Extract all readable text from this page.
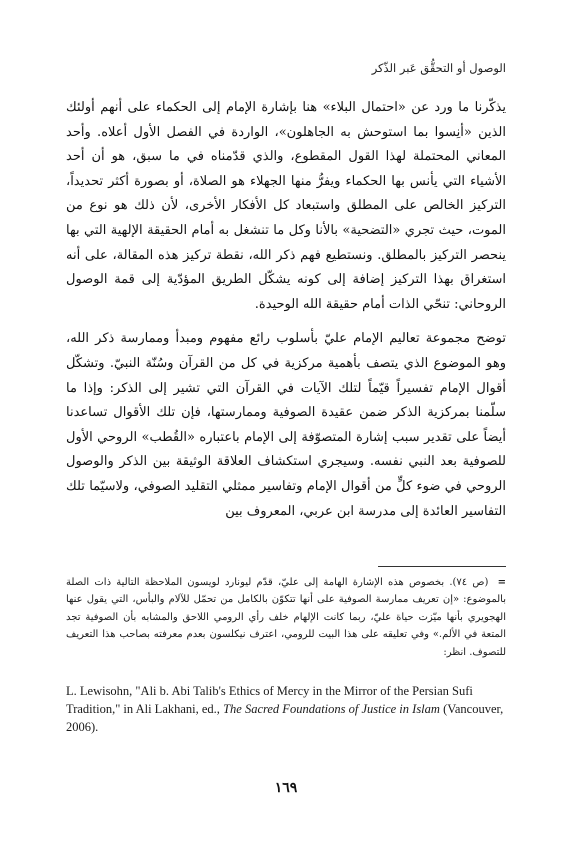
الوصول أو التحقُّق عَبر الذّكر

يذكّرنا ما ورد عن «احتمال البلاء» هنا بإشارة الإمام إلى الحكماء على أنهم أولئك الذين «أنِسوا بما استوحش به الجاهلون»، الواردة في الفصل الأول أعلاه. وأحد المعاني المحتملة لهذا القول المقطوع، والذي قدّمناه في ما سبق، هو أن أحد الأشياء التي يأنس بها الحكماء ويفرُّ منها الجهلاء هو الصلاة، أو بصورة أكثر تحديداً، التركيز الخالص على المطلق واستبعاد كل الأفكار الأخرى، لأن ذلك هو نوع من الموت، حيث تجري «التضحية» بالأنا وكل ما تنشغل به أمام الحقيقة الإلهية التي بها ينحصر التركيز بالمطلق. ونستطيع فهم ذكر الله، نقطة تركيز هذه المقالة، على أنه استغراق بهذا التركيز إضافة إلى كونه يشكّل الطريق المؤدّية إلى قمة الوصول الروحاني: تنحّي الذات أمام حقيقة الله الوحيدة.

توضح مجموعة تعاليم الإمام عليّ بأسلوب رائع مفهوم ومبدأ وممارسة ذكر الله، وهو الموضوع الذي يتصف بأهمية مركزية في كل من القرآن وسُنّة النبيّ. وتشكّل أقوال الإمام تفسيراً قيّماً لتلك الآيات في القرآن التي تشير إلى الذكر: وإذا ما سلّمنا بمركزية الذكر ضمن عقيدة الصوفية وممارستها، فإن تلك الأقوال تساعدنا أيضاً على تقدير سبب إشارة المتصوّفة إلى الإمام باعتباره «القُطب» الروحي الأول للصوفية بعد النبي نفسه. وسيجري استكشاف العلاقة الوثيقة بين الذكر والوصول الروحي في ضوء كلٍّ من أقوال الإمام وتفاسير ممثلي التقليد الصوفي، ولاسيّما تلك التفاسير العائدة إلى مدرسة ابن عربي، المعروف بين

= (ص ٧٤). بخصوص هذه الإشارة الهامة إلى عليّ، قدّم ليونارد لويسون الملاحظة التالية ذات الصلة بالموضوع: «إن تعريف ممارسة الصوفية على أنها تتكوّن بالكامل من تحمّل للآلام والبأس، التي يقول عنها الهجويري بأنها ميّزت حياة عليّ، ربما كانت الإلهام خلف رأي الرومي اللاحق والمشابه بأن الصوفية تجد المتعة في الألم.» وفي تعليقه على هذا البيت للرومي، اعترف نيكلسون بعدم معرفته بصاحب هذا التعريف للتصوف. انظر:
L. Lewisohn, "Ali b. Abi Talib's Ethics of Mercy in the Mirror of the Persian Sufi Tradition," in Ali Lakhani, ed., The Sacred Foundations of Justice in Islam (Vancouver, 2006).
١٦٩
